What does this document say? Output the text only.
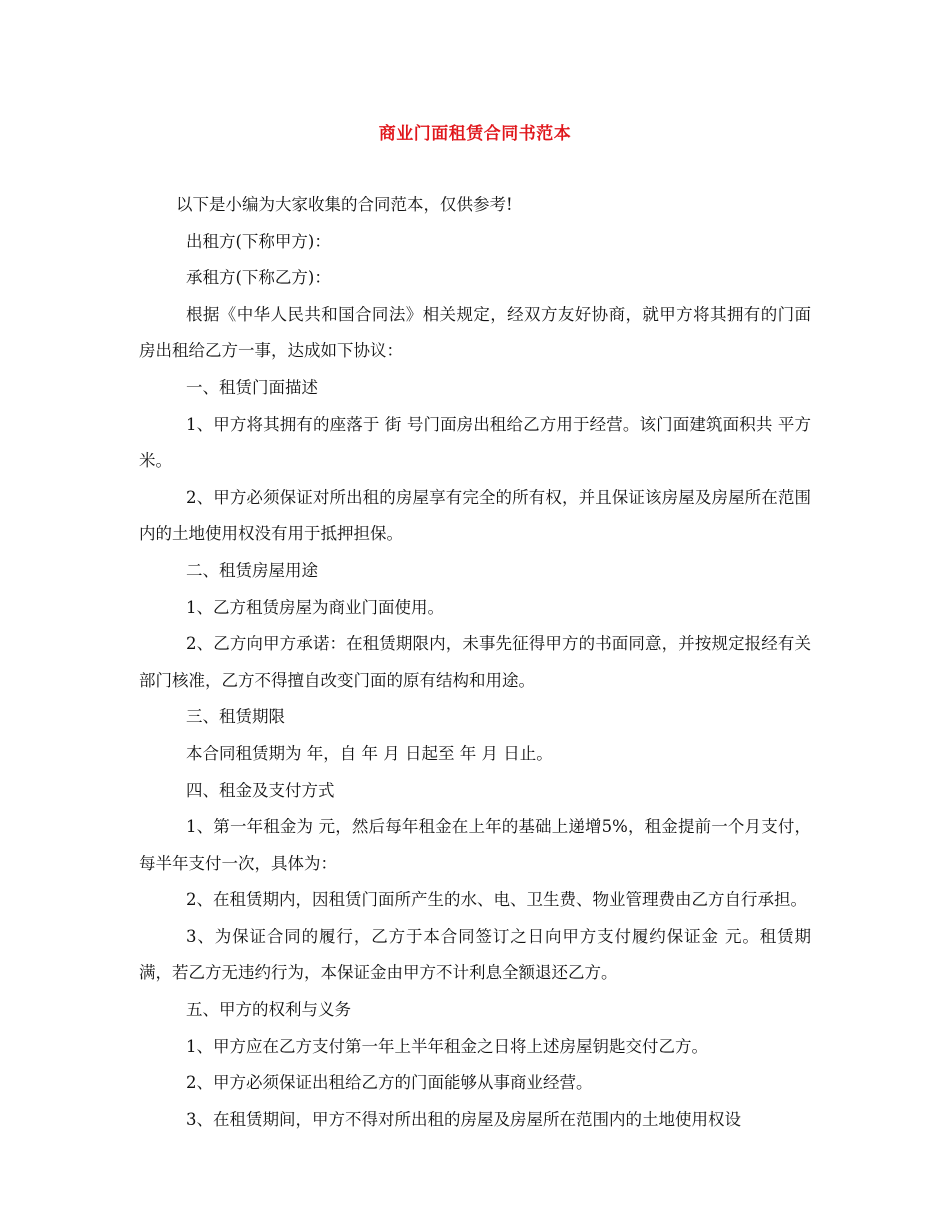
商业门面租赁合同书范本

以下是小编为大家收集的合同范本，仅供参考!

出租方(下称甲方)：

承租方(下称乙方)：

根据《中华人民共和国合同法》相关规定，经双方友好协商，就甲方将其拥有的门面房出租给乙方一事，达成如下协议：

一、租赁门面描述

1、甲方将其拥有的座落于 街 号门面房出租给乙方用于经营。该门面建筑面积共 平方米。

2、甲方必须保证对所出租的房屋享有完全的所有权，并且保证该房屋及房屋所在范围内的土地使用权没有用于抵押担保。

二、租赁房屋用途

1、乙方租赁房屋为商业门面使用。

2、乙方向甲方承诺：在租赁期限内，未事先征得甲方的书面同意，并按规定报经有关部门核准，乙方不得擅自改变门面的原有结构和用途。

三、租赁期限

本合同租赁期为 年，自 年 月 日起至 年 月 日止。

四、租金及支付方式

1、第一年租金为 元，然后每年租金在上年的基础上递增5%，租金提前一个月支付，每半年支付一次，具体为：

2、在租赁期内，因租赁门面所产生的水、电、卫生费、物业管理费由乙方自行承担。

3、为保证合同的履行，乙方于本合同签订之日向甲方支付履约保证金 元。租赁期满，若乙方无违约行为，本保证金由甲方不计利息全额退还乙方。

五、甲方的权利与义务

1、甲方应在乙方支付第一年上半年租金之日将上述房屋钥匙交付乙方。

2、甲方必须保证出租给乙方的门面能够从事商业经营。

3、在租赁期间，甲方不得对所出租的房屋及房屋所在范围内的土地使用权设
